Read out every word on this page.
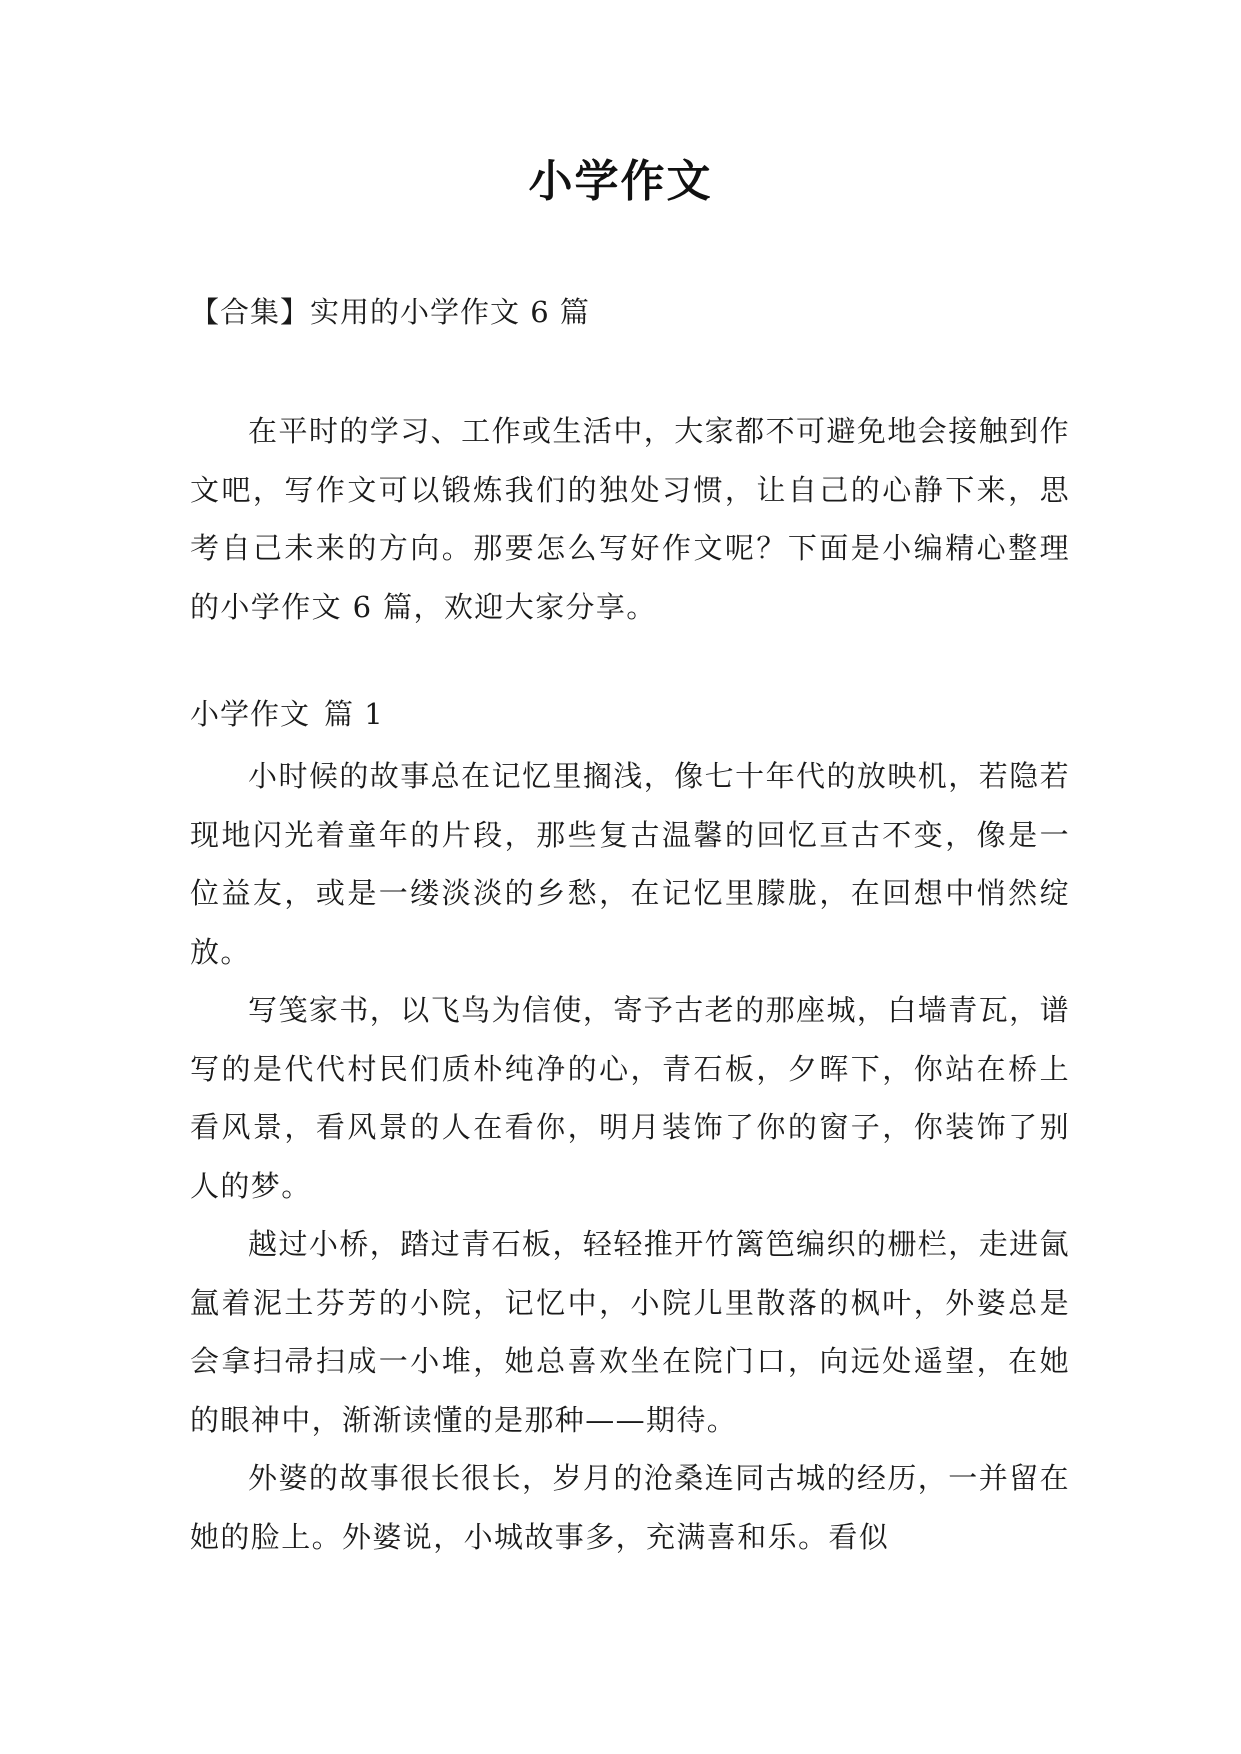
小学作文
【合集】实用的小学作文 6 篇

在平时的学习、工作或生活中，大家都不可避免地会接触到作文吧，写作文可以锻炼我们的独处习惯，让自己的心静下来，思考自己未来的方向。那要怎么写好作文呢？下面是小编精心整理的小学作文 6 篇，欢迎大家分享。

小学作文 篇 1

小时候的故事总在记忆里搁浅，像七十年代的放映机，若隐若现地闪光着童年的片段，那些复古温馨的回忆亘古不变，像是一位益友，或是一缕淡淡的乡愁，在记忆里朦胧，在回想中悄然绽放。

写笺家书，以飞鸟为信使，寄予古老的那座城，白墙青瓦，谱写的是代代村民们质朴纯净的心，青石板，夕晖下，你站在桥上看风景，看风景的人在看你，明月装饰了你的窗子，你装饰了别人的梦。

越过小桥，踏过青石板，轻轻推开竹篱笆编织的栅栏，走进氤氲着泥土芬芳的小院，记忆中，小院儿里散落的枫叶，外婆总是会拿扫帚扫成一小堆，她总喜欢坐在院门口，向远处遥望，在她的眼神中，渐渐读懂的是那种——期待。

外婆的故事很长很长，岁月的沧桑连同古城的经历，一并留在她的脸上。外婆说，小城故事多，充满喜和乐。看似
